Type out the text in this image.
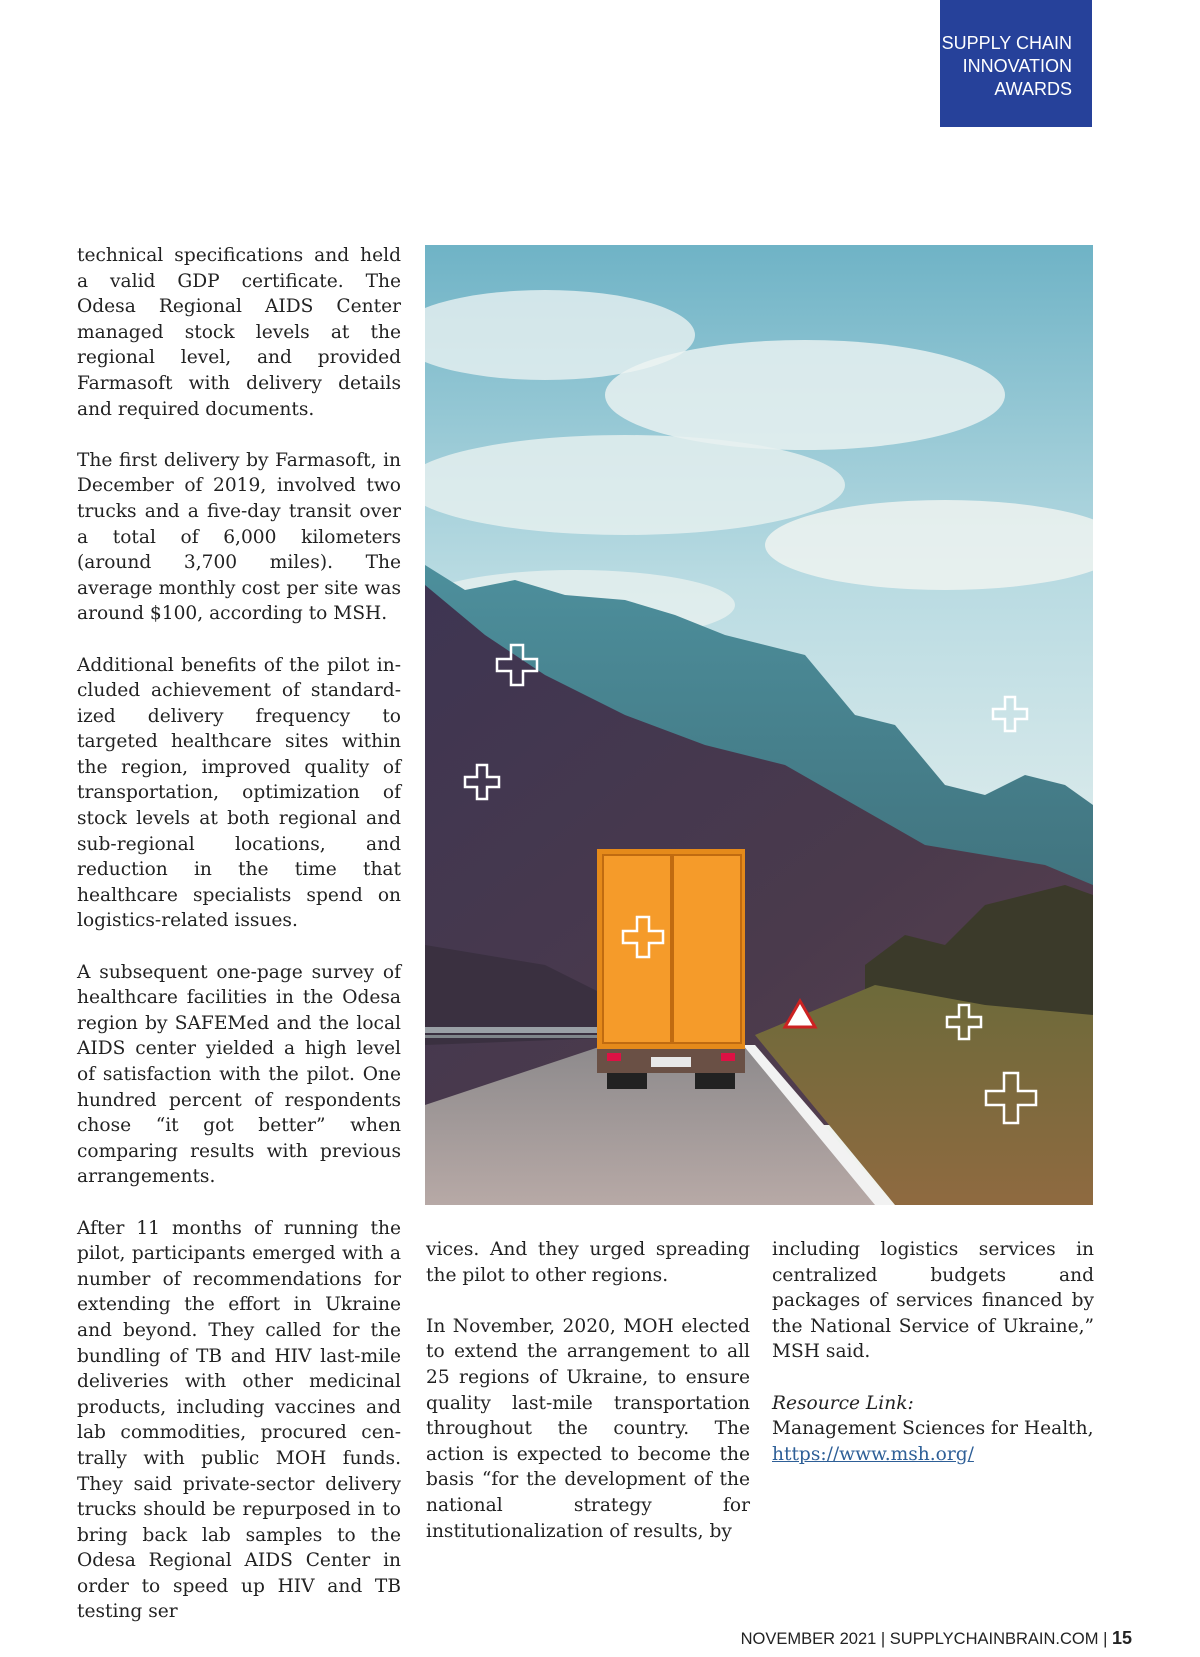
SUPPLY CHAIN
INNOVATION
AWARDS

technical specifications and held a valid GDP certificate. The Odesa Regional AIDS Center managed stock levels at the regional level, and provided Farmasoft with delivery details and required documents.

The first delivery by Farmasoft, in December of 2019, involved two trucks and a five-day transit over a total of 6,000 kilometers (around 3,700 miles). The average monthly cost per site was around $100, according to MSH.

Additional benefits of the pilot included achievement of standardized delivery frequency to targeted healthcare sites within the region, improved quality of transportation, optimization of stock levels at both regional and sub-regional locations, and reduction in the time that healthcare specialists spend on logistics-related issues.

A subsequent one-page survey of healthcare facilities in the Odesa region by SAFEMed and the local AIDS center yielded a high level of satisfaction with the pilot. One hundred percent of respondents chose “it got better” when comparing results with previous arrangements.

After 11 months of running the pilot, participants emerged with a number of recommendations for extending the effort in Ukraine and beyond. They called for the bundling of TB and HIV last-mile deliveries with other medicinal products, including vaccines and lab commodities, procured centrally with public MOH funds. They said private-sector delivery trucks should be repurposed in to bring back lab samples to the Odesa Regional AIDS Center in order to speed up HIV and TB testing ser

vices. And they urged spreading the pilot to other regions.

In November, 2020, MOH elected to extend the arrangement to all 25 regions of Ukraine, to ensure quality last-mile transportation throughout the country. The action is expected to become the basis “for the development of the national strategy for institutionalization of results, by

including logistics services in centralized budgets and packages of services financed by the National Service of Ukraine,” MSH said.

Resource Link:
Management Sciences for Health,
https://www.msh.org/

NOVEMBER 2021 | SUPPLYCHAINBRAIN.COM | 15
